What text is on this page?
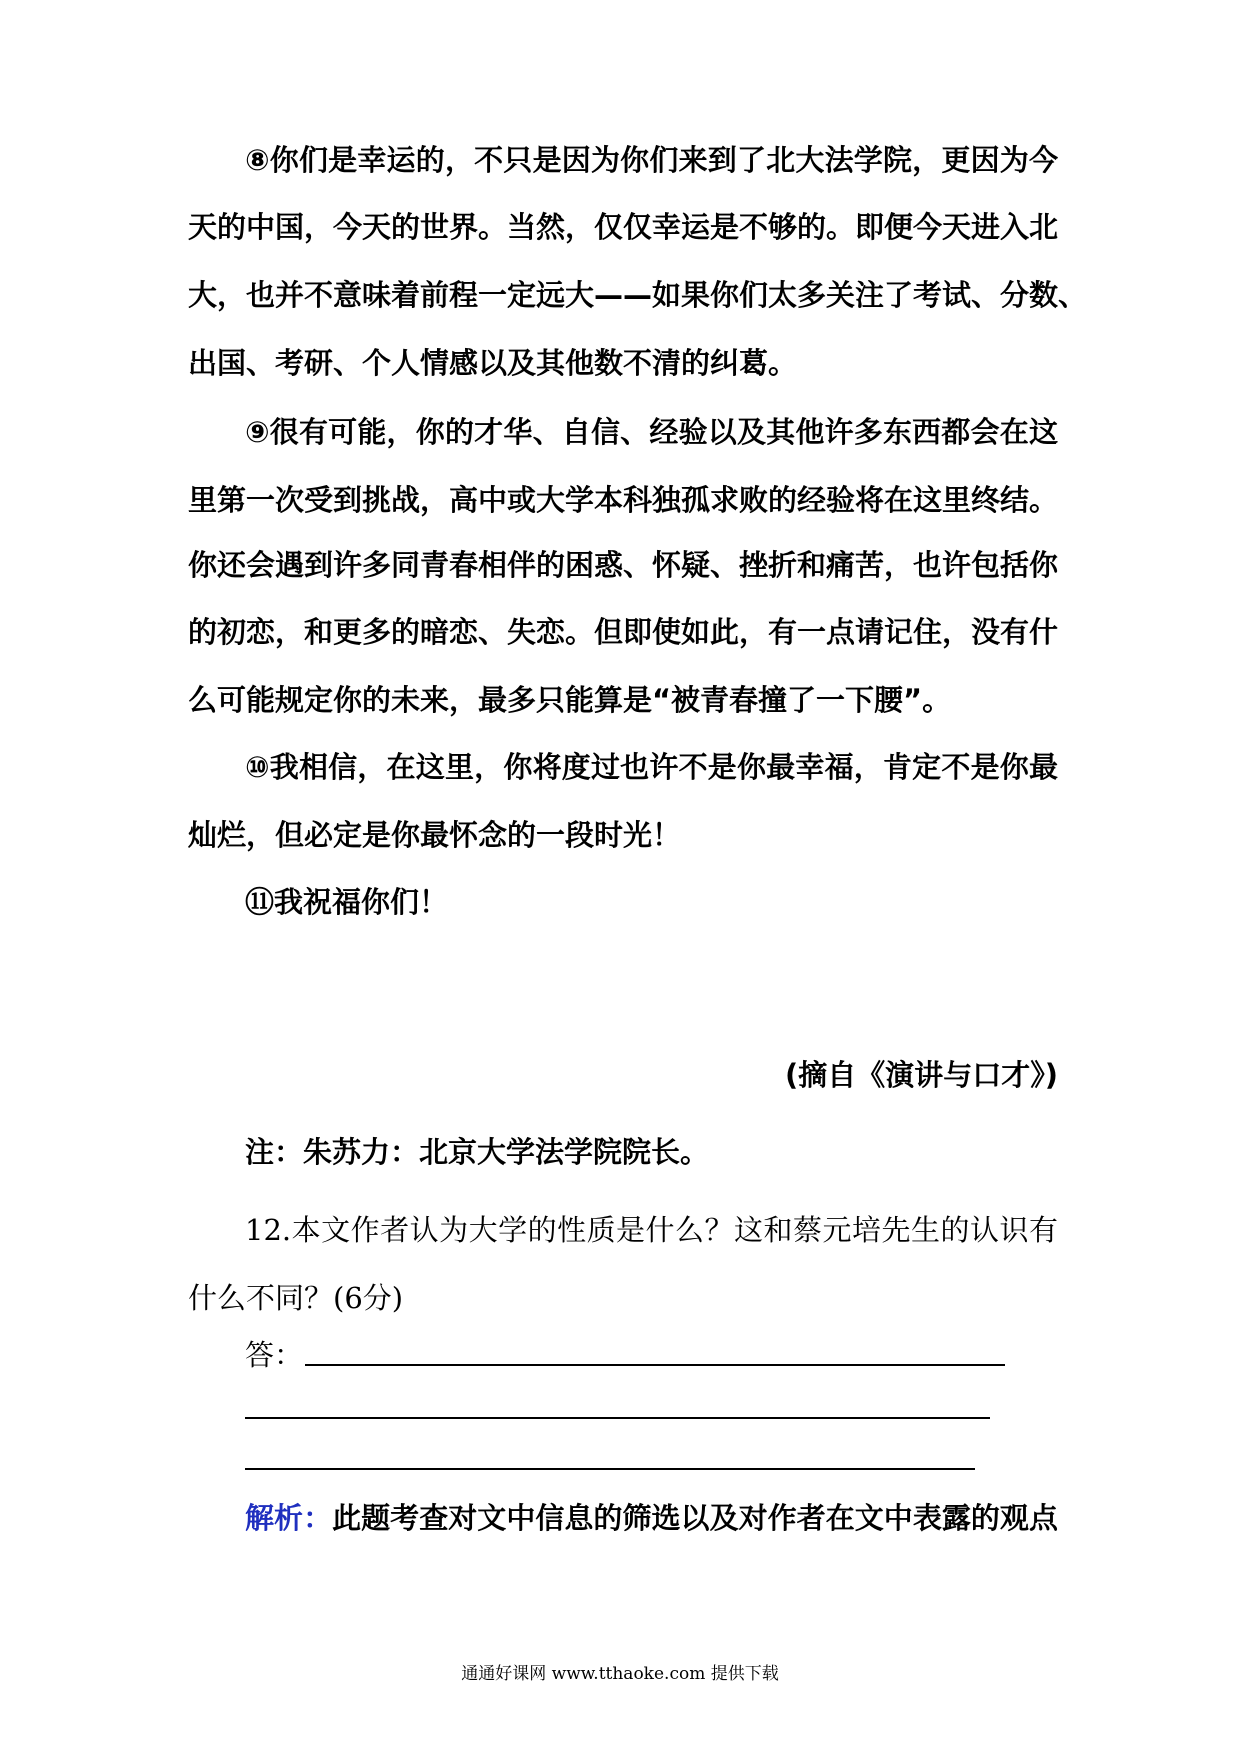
⑧你们是幸运的，不只是因为你们来到了北大法学院，更因为今
天的中国，今天的世界。当然，仅仅幸运是不够的。即便今天进入北
大，也并不意味着前程一定远大——如果你们太多关注了考试、分数、
出国、考研、个人情感以及其他数不清的纠葛。
⑨很有可能，你的才华、自信、经验以及其他许多东西都会在这
里第一次受到挑战，高中或大学本科独孤求败的经验将在这里终结。
你还会遇到许多同青春相伴的困惑、怀疑、挫折和痛苦，也许包括你
的初恋，和更多的暗恋、失恋。但即使如此，有一点请记住，没有什
么可能规定你的未来，最多只能算是“被青春撞了一下腰”。
⑩我相信，在这里，你将度过也许不是你最幸福，肯定不是你最
灿烂，但必定是你最怀念的一段时光！
⑪我祝福你们！
(摘自《演讲与口才》)
注：朱苏力：北京大学法学院院长。
12.本文作者认为大学的性质是什么？这和蔡元培先生的认识有
什么不同？(6分)
答：
解析：此题考查对文中信息的筛选以及对作者在文中表露的观点
通通好课网 www.tthaoke.com 提供下载
